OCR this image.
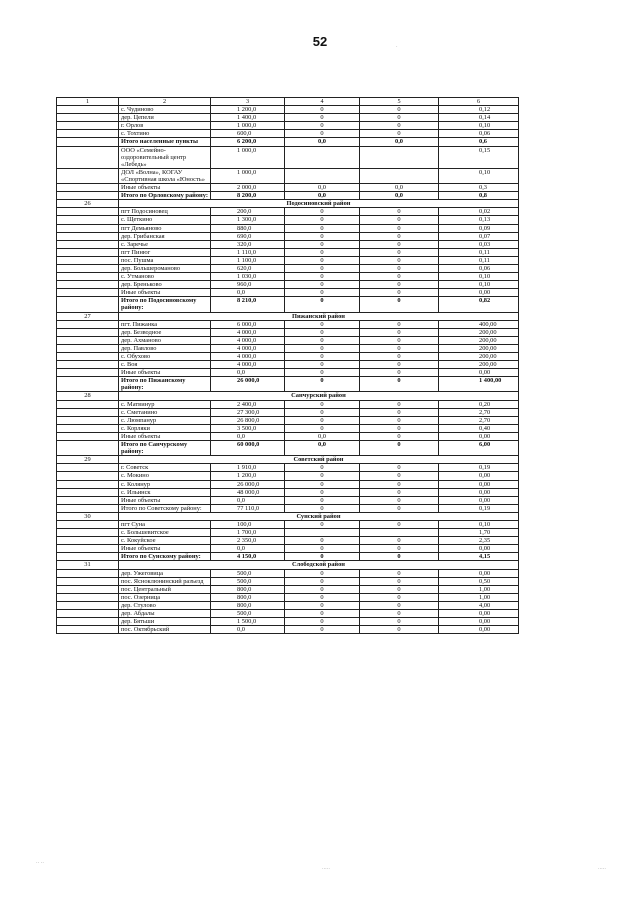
52
1	2	3	4	5	6
	с. Чудиново	1 200,0	0	0	0,12
	дер. Цепели	1 400,0	0	0	0,14
	г. Орлов	1 000,0	0	0	0,10
	с. Тохтино	600,0	0	0	0,06
	Итого населенные пункты	6 200,0	0,0	0,0	0,6
	ООО «Семейно-оздоровительный центр «Лебедь»	1 000,0			0,15
	ДОЛ «Волна», КОГАУ «Спортивная школа «Юность»	1 000,0			0,10
	Иные объекты	2 000,0	0,0	0,0	0,3
	Итого по Орловскому району:	8 200,0	0,0	0,0	0,8
26	Подосиновский район				
	пгт Подосиновец	200,0	0	0	0,02
	с. Щеткино	1 300,0	0	0	0,13
	пгт Демьяново	880,0	0	0	0,09
	дер. Грибанская	690,0	0	0	0,07
	с. Заречье	320,0	0	0	0,03
	пгт Пинюг	1 110,0	0	0	0,11
	пос. Пушма	1 100,0	0	0	0,11
	дер. Большероманово	620,0	0	0	0,06
	с. Утманово	1 030,0	0	0	0,10
	дер. Бреньково	960,0	0	0	0,10
	Иные объекты	0,0	0	0	0,00
	Итого по Подосиновскому району:	8 210,0	0	0	0,82
27	Пижанский район				
	пгт. Пижанка	6 000,0	0	0	400,00
	дер. Безводное	4 000,0	0	0	200,00
	дер. Ахманово	4 000,0	0	0	200,00
	дер. Павлово	4 000,0	0	0	200,00
	с. Обухово	4 000,0	0	0	200,00
	с. Воя	4 000,0	0	0	200,00
	Иные объекты	0,0	0	0	0,00
	Итого по Пижанскому району:	26 000,0	0	0	1 400,00
28	Санчурский район				
	с. Матвинур	2 400,0	0	0	0,20
	с. Сметанино	27 300,0	0	0	2,70
	с. Люмпанур	26 800,0	0	0	2,70
	с. Корляки	3 500,0	0	0	0,40
	Иные объекты	0,0	0,0	0	0,00
	Итого по Санчурскому району:	60 000,0	0,0	0	6,00
29	Советский район				
	г. Советск	1 910,0	0	0	0,19
	с. Мокино	1 200,0	0	0	0,00
	с. Колянур	26 000,0	0	0	0,00
	с. Ильинск	48 000,0	0	0	0,00
	Иные объекты	0,0	0	0	0,00
	Итого по Советскому району:	77 110,0	0	0	0,19
30	Сунский район				
	пгт Суна	100,0	0	0	0,10
	с. Большевитское	1 700,0			1,70
	с. Кокуйское	2 350,0	0	0	2,35
	Иные объекты	0,0	0	0	0,00
	Итого по Сунскому району:	4 150,0	0	0	4,15
31	Слободской район				
	дер. Ужеговица	500,0	0	0	0,00
	пос. Ясноклюнинский разъезд	500,0	0	0	0,50
	пос. Центральный	800,0	0	0	1,00
	пос. Озерница	800,0	0	0	1,00
	дер. Стулово	800,0	0	0	4,00
	дер. Абдалы	500,0	0	0	0,00
	дер. Бятьши	1 500,0	0	0	0,00
	пос. Октябрьский	0,0	0	0	0,00
·
·· ··
·····	·····
